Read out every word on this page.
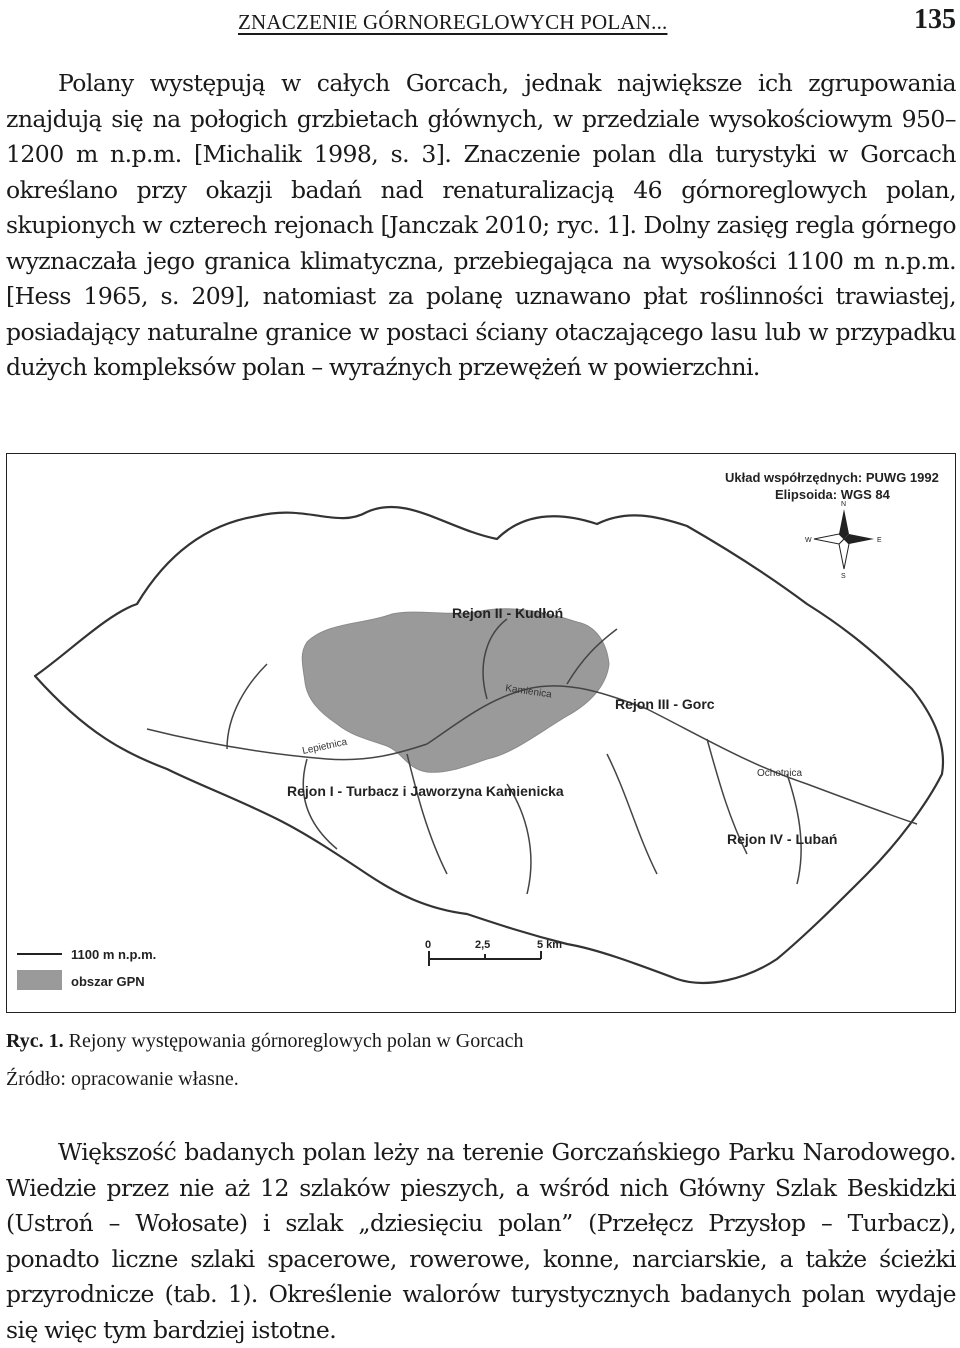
ZNACZENIE GÓRNOREGLOWYCH POLAN...	135

Polany występują w całych Gorcach, jednak największe ich zgrupowania znajdują się na połogich grzbietach głównych, w przedziale wysokościowym 950–1200 m n.p.m. [Michalik 1998, s. 3]. Znaczenie polan dla turystyki w Gorcach określano przy okazji badań nad renaturalizacją 46 górnoreglowych polan, skupionych w czterech rejonach [Janczak 2010; ryc. 1]. Dolny zasięg regla górnego wyznaczała jego granica klimatyczna, przebiegająca na wysokości 1100 m n.p.m. [Hess 1965, s. 209], natomiast za polanę uznawano płat roślinności trawiastej, posiadający naturalne granice w postaci ściany otaczającego lasu lub w przypadku dużych kompleksów polan – wyraźnych przewężeń w powierzchni.

Rejon II - Kudłoń
Rejon III - Gorc
Rejon I - Turbacz i Jaworzyna Kamienicka
Rejon IV - Lubań
Kamienica
Lepietnica
Ochotnica
Układ współrzędnych: PUWG 1992
Elipsoida: WGS 84
N
S
E
W
1100 m n.p.m.
obszar GPN
0	2,5	5 km
Ryc. 1. Rejony występowania górnoreglowych polan w Gorcach
Źródło: opracowanie własne.

Większość badanych polan leży na terenie Gorczańskiego Parku Narodowego. Wiedzie przez nie aż 12 szlaków pieszych, a wśród nich Główny Szlak Beskidzki (Ustroń – Wołosate) i szlak „dziesięciu polan” (Przełęcz Przysłop – Turbacz), ponadto liczne szlaki spacerowe, rowerowe, konne, narciarskie, a także ścieżki przyrodnicze (tab. 1). Określenie walorów turystycznych badanych polan wydaje się więc tym bardziej istotne.
